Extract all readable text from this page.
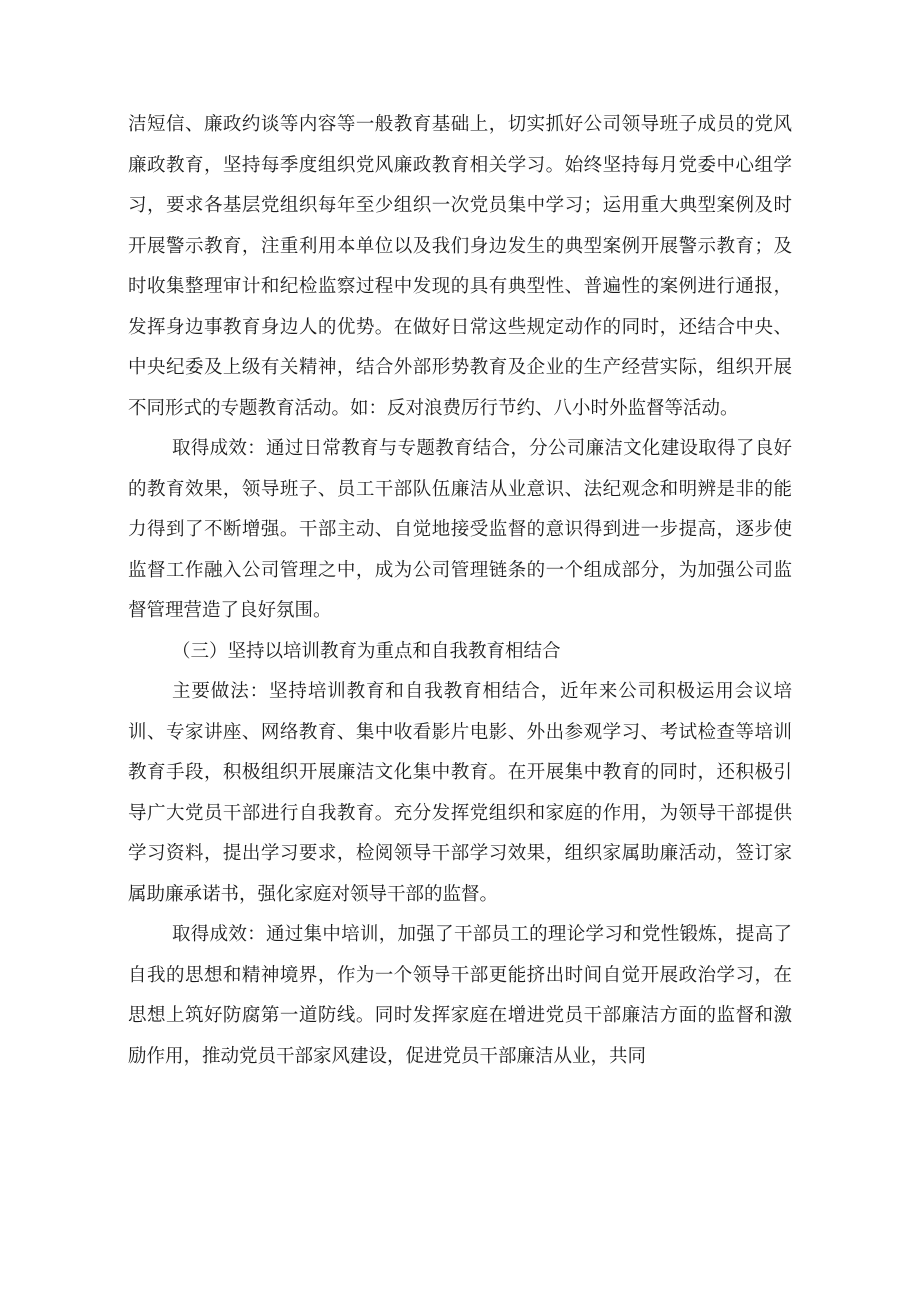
洁短信、廉政约谈等内容等一般教育基础上，切实抓好公司领导班子成员的党风廉政教育，坚持每季度组织党风廉政教育相关学习。始终坚持每月党委中心组学习，要求各基层党组织每年至少组织一次党员集中学习；运用重大典型案例及时开展警示教育，注重利用本单位以及我们身边发生的典型案例开展警示教育；及时收集整理审计和纪检监察过程中发现的具有典型性、普遍性的案例进行通报，发挥身边事教育身边人的优势。在做好日常这些规定动作的同时，还结合中央、中央纪委及上级有关精神，结合外部形势教育及企业的生产经营实际，组织开展不同形式的专题教育活动。如：反对浪费厉行节约、八小时外监督等活动。

取得成效：通过日常教育与专题教育结合，分公司廉洁文化建设取得了良好的教育效果，领导班子、员工干部队伍廉洁从业意识、法纪观念和明辨是非的能力得到了不断增强。干部主动、自觉地接受监督的意识得到进一步提高，逐步使监督工作融入公司管理之中，成为公司管理链条的一个组成部分，为加强公司监督管理营造了良好氛围。

（三）坚持以培训教育为重点和自我教育相结合

主要做法：坚持培训教育和自我教育相结合，近年来公司积极运用会议培训、专家讲座、网络教育、集中收看影片电影、外出参观学习、考试检查等培训教育手段，积极组织开展廉洁文化集中教育。在开展集中教育的同时，还积极引导广大党员干部进行自我教育。充分发挥党组织和家庭的作用，为领导干部提供学习资料，提出学习要求，检阅领导干部学习效果，组织家属助廉活动，签订家属助廉承诺书，强化家庭对领导干部的监督。

取得成效：通过集中培训，加强了干部员工的理论学习和党性锻炼，提高了自我的思想和精神境界，作为一个领导干部更能挤出时间自觉开展政治学习，在思想上筑好防腐第一道防线。同时发挥家庭在增进党员干部廉洁方面的监督和激励作用，推动党员干部家风建设，促进党员干部廉洁从业，共同
